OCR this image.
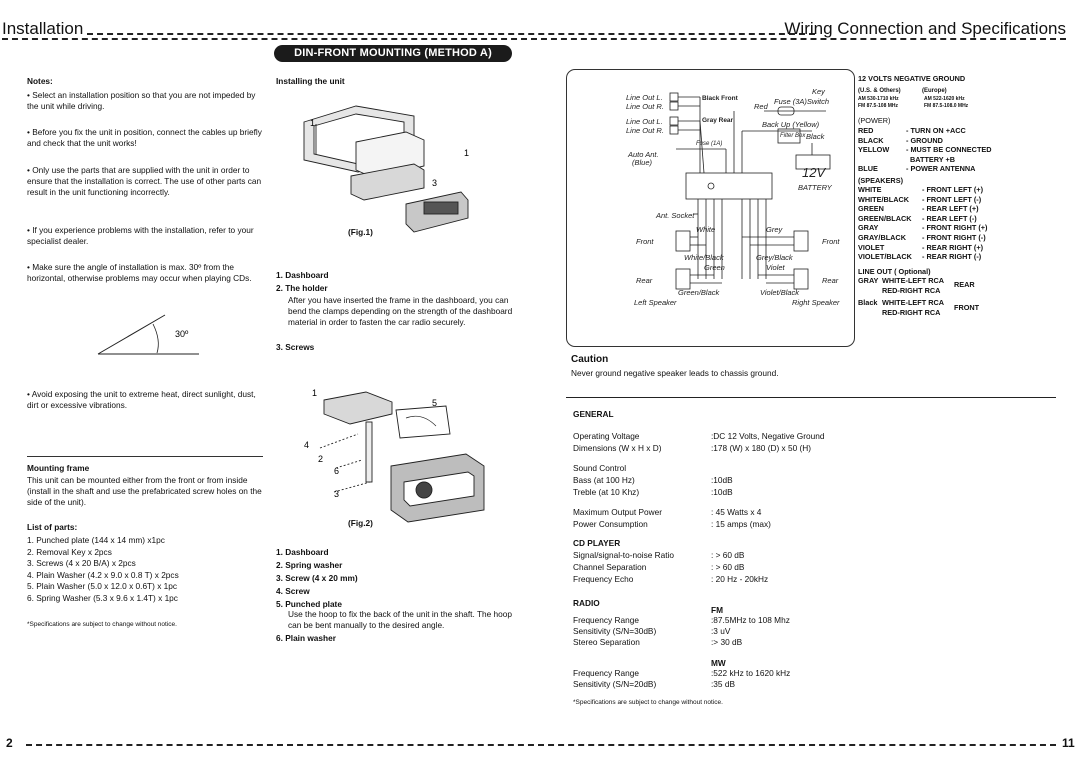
Installation	Wiring Connection and Specifications
DIN-FRONT MOUNTING (METHOD A)
Notes:
• Select an installation position so that you are not impeded by the unit while driving.
• Before you fix the unit in position, connect the cables up briefly and check that the unit works!
• Only use the parts that are supplied with the unit in order to ensure that the installation is correct. The use of other parts can result in the unit functioning incorrectly.
• If you experience problems with the installation, refer to your specialist dealer.
• Make sure the angle of installation is max. 30º from the horizontal, otherwise problems may occur when playing CDs.
30º
• Avoid exposing the unit to extreme heat, direct sunlight, dust, dirt or excessive vibrations.
Mounting frame
This unit can be mounted either from the front or from inside (install in the shaft and use the prefabricated screw holes on the side of the unit).
List of parts:
1. Punched plate (144 x 14 mm) x1pc
2. Removal Key x 2pcs
3. Screws (4 x 20 B/A) x 2pcs
4. Plain Washer (4.2 x 9.0 x 0.8 T) x 2pcs
5. Plain Washer (5.0 x 12.0 x 0.6T) x 1pc
6. Spring Washer (5.3 x 9.6 x 1.4T) x 1pc
*Specifications are subject to change without notice.
Installing the unit
1
1
3
(Fig.1)
1. Dashboard
2. The holder
After you have inserted the frame in the dashboard, you can bend the clamps depending on the strength of the dashboard material in order to fasten the car radio securely.
3. Screws
1
5
4
2
6
3
(Fig.2)
1. Dashboard
2. Spring washer
3. Screw (4 x 20 mm)
4. Screw
5. Punched plate
Use the hoop to fix the back of the unit in the shaft. The hoop can be bent manually to the desired angle.
6. Plain washer
Line Out L.
Line Out R.
Black Front
Line Out L.
Line Out R.
Gray Rear
Key
Fuse (3A)Switch
Red
Back Up (Yellow)
Filter Box Black
Fuse (1A)
Auto Ant.
(Blue)
12V
BATTERY
Ant. Socket
White	Grey
Front	Front
White/Black	Grey/Black
Green	Violet
Rear	Rear
Green/Black	Violet/Black
Left Speaker	Right Speaker
12 VOLTS NEGATIVE GROUND
(U.S. & Others)	(Europe)
AM 530-1710 kHz	AM 522-1620 kHz
FM 87.5-108 MHz	FM 87.5-108.0 MHz
(POWER)
RED	- TURN ON +ACC
BLACK	- GROUND
YELLOW	- MUST BE CONNECTED
	BATTERY +B
BLUE	- POWER ANTENNA
(SPEAKERS)
WHITE	- FRONT LEFT (+)
WHITE/BLACK	- FRONT LEFT (-)
GREEN	- REAR LEFT (+)
GREEN/BLACK	- REAR LEFT (-)
GRAY	- FRONT RIGHT (+)
GRAY/BLACK	- FRONT RIGHT (-)
VIOLET	- REAR RIGHT (+)
VIOLET/BLACK	- REAR RIGHT (-)
LINE OUT ( Optional)
GRAY WHITE-LEFT RCA
RED-RIGHT RCA
REAR
Black WHITE-LEFT RCA
RED-RIGHT RCA
FRONT
Caution
Never ground negative speaker leads to chassis ground.
GENERAL
Operating Voltage	:DC 12 Volts, Negative Ground
Dimensions (W x H x D)	:178 (W) x 180 (D) x 50 (H)

Sound Control	
Bass (at 100 Hz)	:10dB
Treble (at 10 Khz)	:10dB

Maximum Output Power	: 45 Watts x 4
Power Consumption	: 15 amps (max)
CD PLAYER
Signal/signal-to-noise Ratio	: > 60 dB
Channel Separation	: > 60 dB
Frequency Echo	: 20 Hz - 20kHz
RADIO
FM
Frequency Range	:87.5MHz to 108 Mhz
Sensitivity (S/N=30dB)	:3 uV
Stereo Separation	:> 30 dB
MW
Frequency Range	:522 kHz to 1620 kHz
Sensitivity (S/N=20dB)	:35 dB
*Specifications are subject to change without notice.
2	11
